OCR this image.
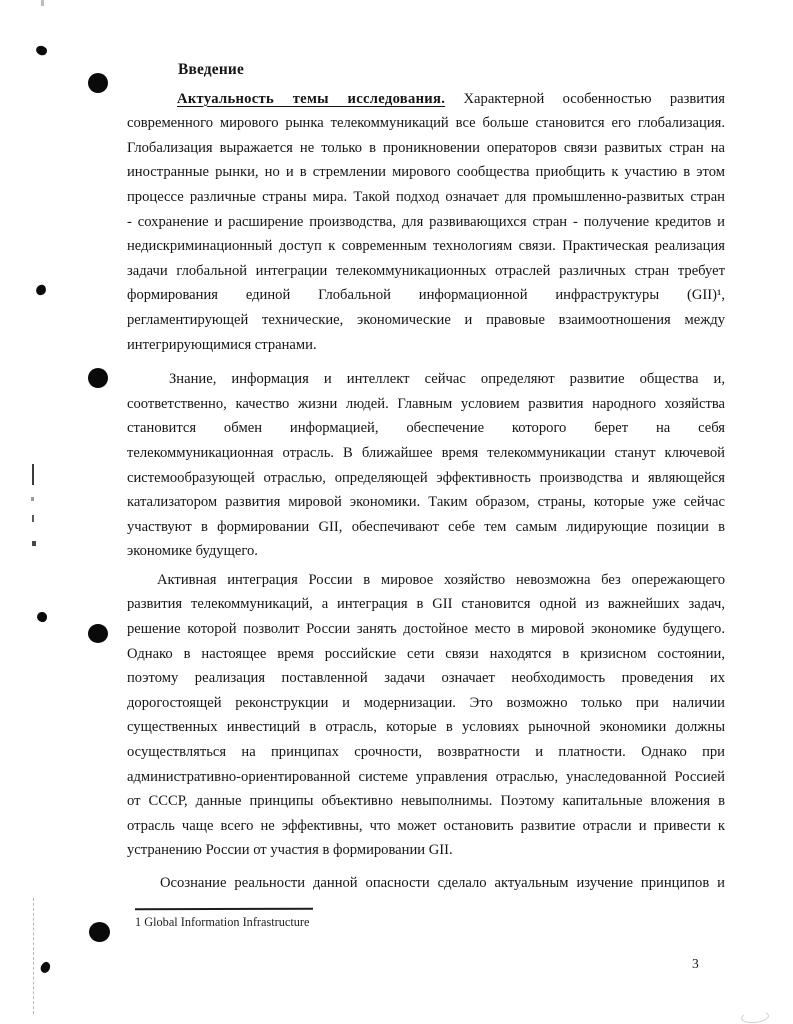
Введение
Актуальность темы исследования. Характерной особенностью развития
современного мирового рынка телекоммуникаций все больше становится его глобализация.
Глобализация выражается не только в проникновении операторов связи развитых стран на
иностранные рынки, но и в стремлении мирового сообщества приобщить к участию в этом
процессе различные страны мира. Такой подход означает для промышленно-развитых стран
- сохранение и расширение производства, для развивающихся стран - получение кредитов и
недискриминационный доступ к современным технологиям связи. Практическая реализация
задачи глобальной интеграции телекоммуникационных отраслей различных стран требует
формирования единой Глобальной информационной инфраструктуры (GII)¹,
регламентирующей технические, экономические и правовые взаимоотношения между
интегрирующимися странами.
Знание, информация и интеллект сейчас определяют развитие общества и,
соответственно, качество жизни людей. Главным условием развития народного хозяйства
становится обмен информацией, обеспечение которого берет на себя
телекоммуникационная отрасль. В ближайшее время телекоммуникации станут ключевой
системообразующей отраслью, определяющей эффективность производства и являющейся
катализатором развития мировой экономики. Таким образом, страны, которые уже сейчас
участвуют в формировании GII, обеспечивают себе тем самым лидирующие позиции в
экономике будущего.
Активная интеграция России в мировое хозяйство невозможна без опережающего
развития телекоммуникаций, а интеграция в GII становится одной из важнейших задач,
решение которой позволит России занять достойное место в мировой экономике будущего.
Однако в настоящее время российские сети связи находятся в кризисном состоянии,
поэтому реализация поставленной задачи означает необходимость проведения их
дорогостоящей реконструкции и модернизации. Это возможно только при наличии
существенных инвестиций в отрасль, которые в условиях рыночной экономики должны
осуществляться на принципах срочности, возвратности и платности. Однако при
административно-ориентированной системе управления отраслью, унаследованной Россией
от СССР, данные принципы объективно невыполнимы. Поэтому капитальные вложения в
отрасль чаще всего не эффективны, что может остановить развитие отрасли и привести к
устранению России от участия в формировании GII.
Осознание реальности данной опасности сделало актуальным изучение принципов и
1 Global Information Infrastructure
3
